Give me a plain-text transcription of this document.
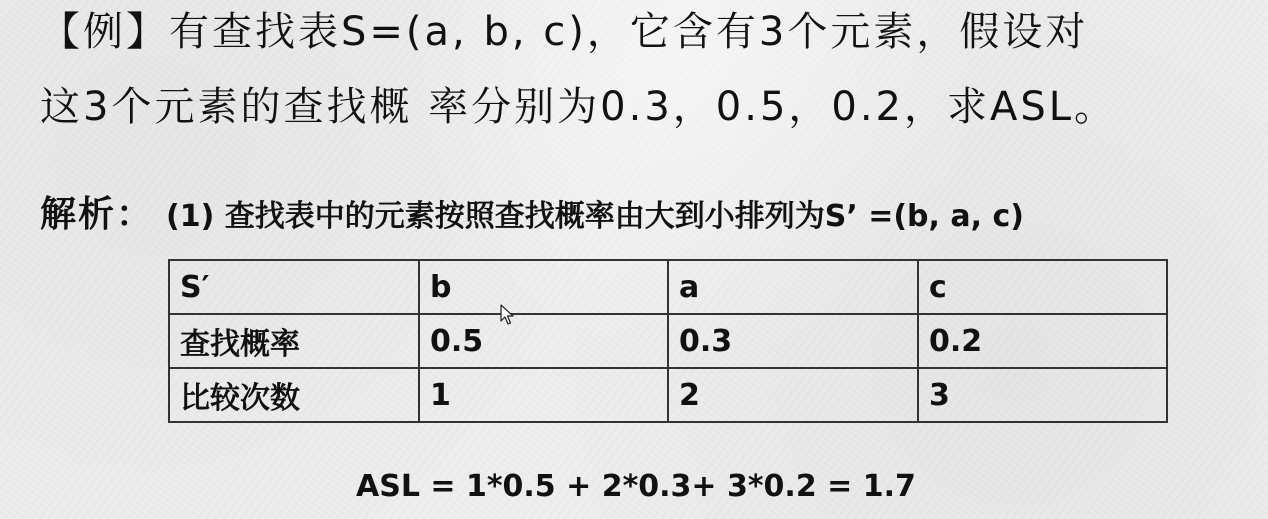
【例】有查找表S=(a, b, c)，它含有3个元素，假设对
这3个元素的查找概 率分别为0.3，0.5，0.2，求ASL。
解析： (1) 查找表中的元素按照查找概率由大到小排列为S’ =(b, a, c)
S′	b	a	c
查找概率	0.5	0.3	0.2
比较次数	1	2	3
ASL = 1*0.5 + 2*0.3+ 3*0.2 = 1.7
